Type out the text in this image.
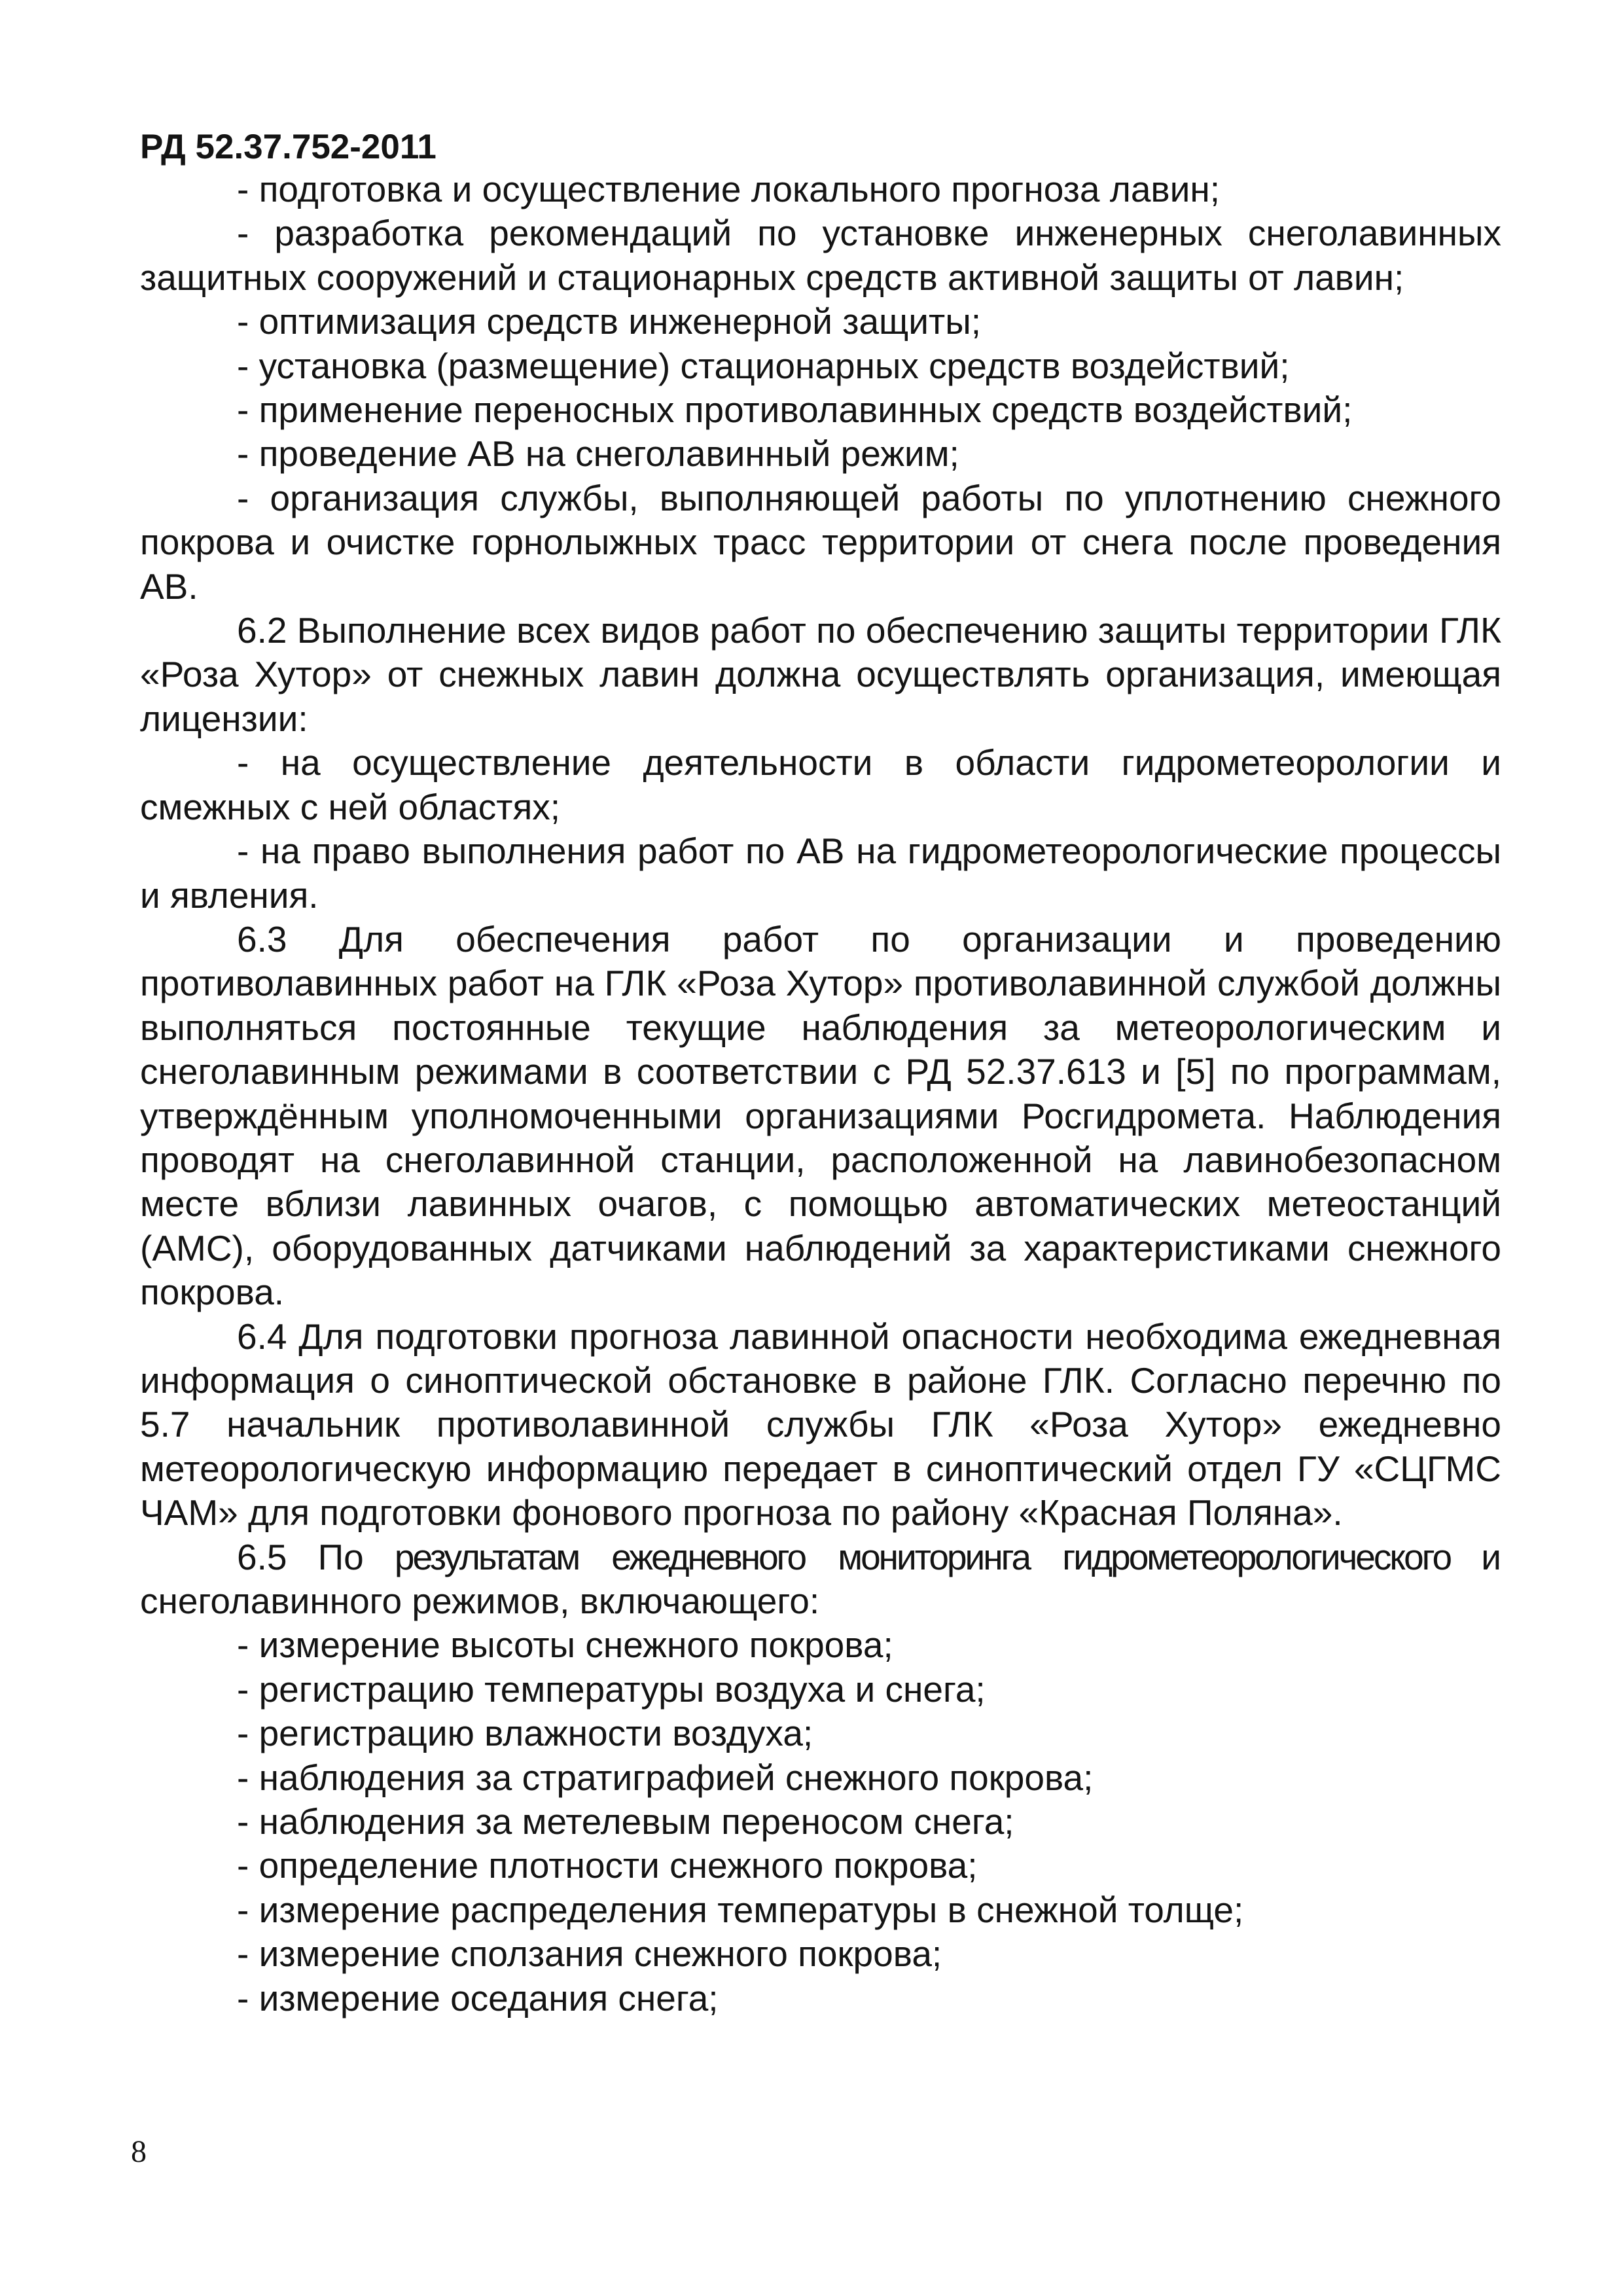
РД 52.37.752-2011

- подготовка и осуществление локального прогноза лавин;

- разработка рекомендаций по установке инженерных снеголавинных защитных сооружений и стационарных средств активной защиты от лавин;

- оптимизация средств инженерной защиты;

- установка (размещение) стационарных средств воздействий;

- применение переносных противолавинных средств воздействий;

- проведение АВ на снеголавинный режим;

- организация службы, выполняющей работы по уплотнению снежного покрова и очистке горнолыжных трасс территории от снега после проведения АВ.

6.2 Выполнение всех видов работ по обеспечению защиты территории ГЛК «Роза Хутор» от снежных лавин должна осуществлять организация, имеющая лицензии:

- на осуществление деятельности в области гидрометеорологии и смежных с ней областях;

- на право выполнения работ по АВ на гидрометеорологические процессы и явления.

6.3 Для обеспечения работ по организации и проведению противолавинных работ на ГЛК «Роза Хутор» противолавинной службой должны выполняться постоянные текущие наблюдения за метеорологическим и снеголавинным режимами в соответствии с РД 52.37.613 и [5] по программам, утверждённым уполномоченными организациями Росгидромета. Наблюдения проводят на снеголавинной станции, расположенной на лавинобезопасном месте вблизи лавинных очагов, с помощью автоматических метеостанций (АМС), оборудованных датчиками наблюдений за характеристиками снежного покрова.

6.4 Для подготовки прогноза лавинной опасности необходима ежедневная информация о синоптической обстановке в районе ГЛК. Согласно перечню по 5.7 начальник противолавинной службы ГЛК «Роза Хутор» ежедневно метеорологическую информацию передает в синоптический отдел ГУ «СЦГМС ЧАМ» для подготовки фонового прогноза по району «Красная Поляна».

6.5 По результатам ежедневного мониторинга гидрометеорологического и снеголавинного режимов, включающего:

- измерение высоты снежного покрова;

- регистрацию температуры воздуха и снега;

- регистрацию влажности воздуха;

- наблюдения за стратиграфией снежного покрова;

- наблюдения за метелевым переносом снега;

- определение плотности снежного покрова;

- измерение распределения температуры в снежной толще;

- измерение сползания снежного покрова;

- измерение оседания снега;

8
